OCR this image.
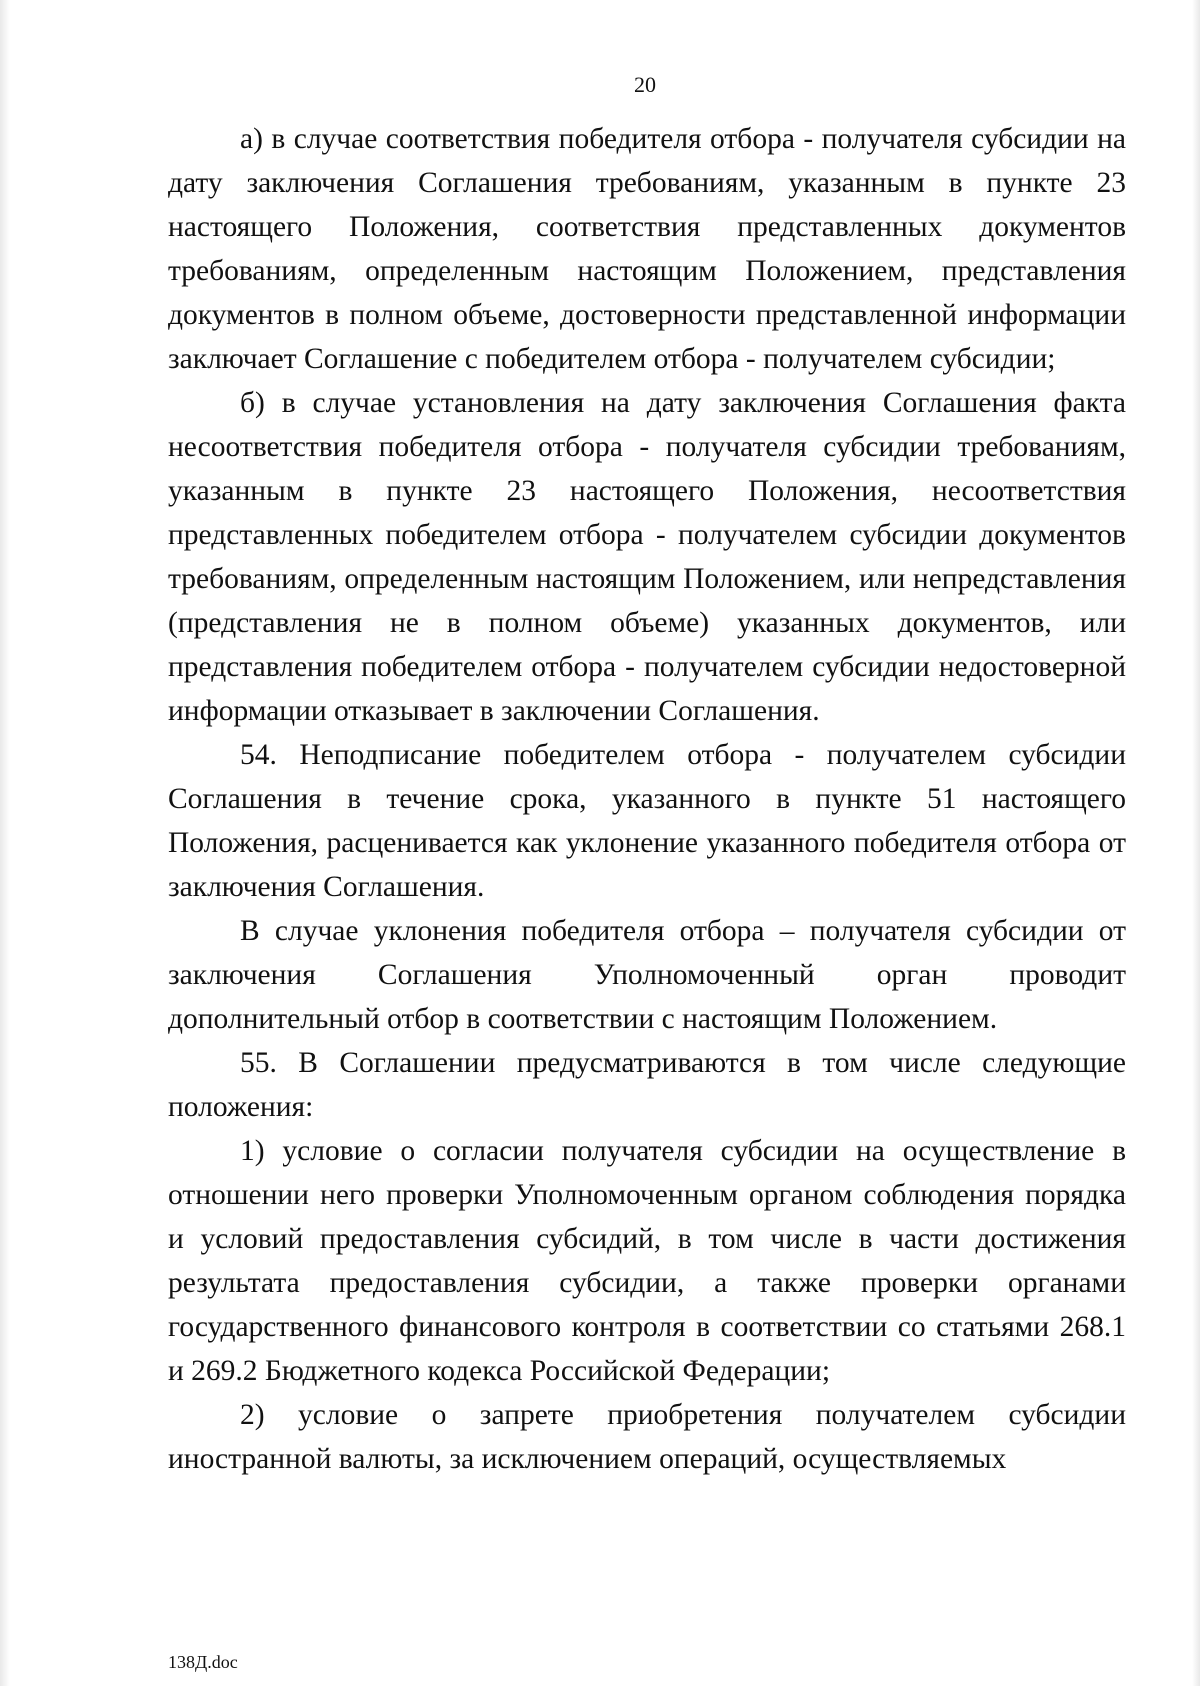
20

а) в случае соответствия победителя отбора - получателя субсидии на дату заключения Соглашения требованиям, указанным в пункте 23 настоящего Положения, соответствия представленных документов требованиям, определенным настоящим Положением, представления документов в полном объеме, достоверности представленной информации заключает Соглашение с победителем отбора - получателем субсидии;

б) в случае установления на дату заключения Соглашения факта несоответствия победителя отбора - получателя субсидии требованиям, указанным в пункте 23 настоящего Положения, несоответствия представленных победителем отбора - получателем субсидии документов требованиям, определенным настоящим Положением, или непредставления (представления не в полном объеме) указанных документов, или представления победителем отбора - получателем субсидии недостоверной информации отказывает в заключении Соглашения.

54. Неподписание победителем отбора - получателем субсидии Соглашения в течение срока, указанного в пункте 51 настоящего Положения, расценивается как уклонение указанного победителя отбора от заключения Соглашения.

В случае уклонения победителя отбора – получателя субсидии от заключения Соглашения Уполномоченный орган проводит дополнительный отбор в соответствии с настоящим Положением.

55. В Соглашении предусматриваются в том числе следующие положения:

1) условие о согласии получателя субсидии на осуществление в отношении него проверки Уполномоченным органом соблюдения порядка и условий предоставления субсидий, в том числе в части достижения результата предоставления субсидии, а также проверки органами государственного финансового контроля в соответствии со статьями 268.1 и 269.2 Бюджетного кодекса Российской Федерации;

2) условие о запрете приобретения получателем субсидии иностранной валюты, за исключением операций, осуществляемых

138Д.doc
